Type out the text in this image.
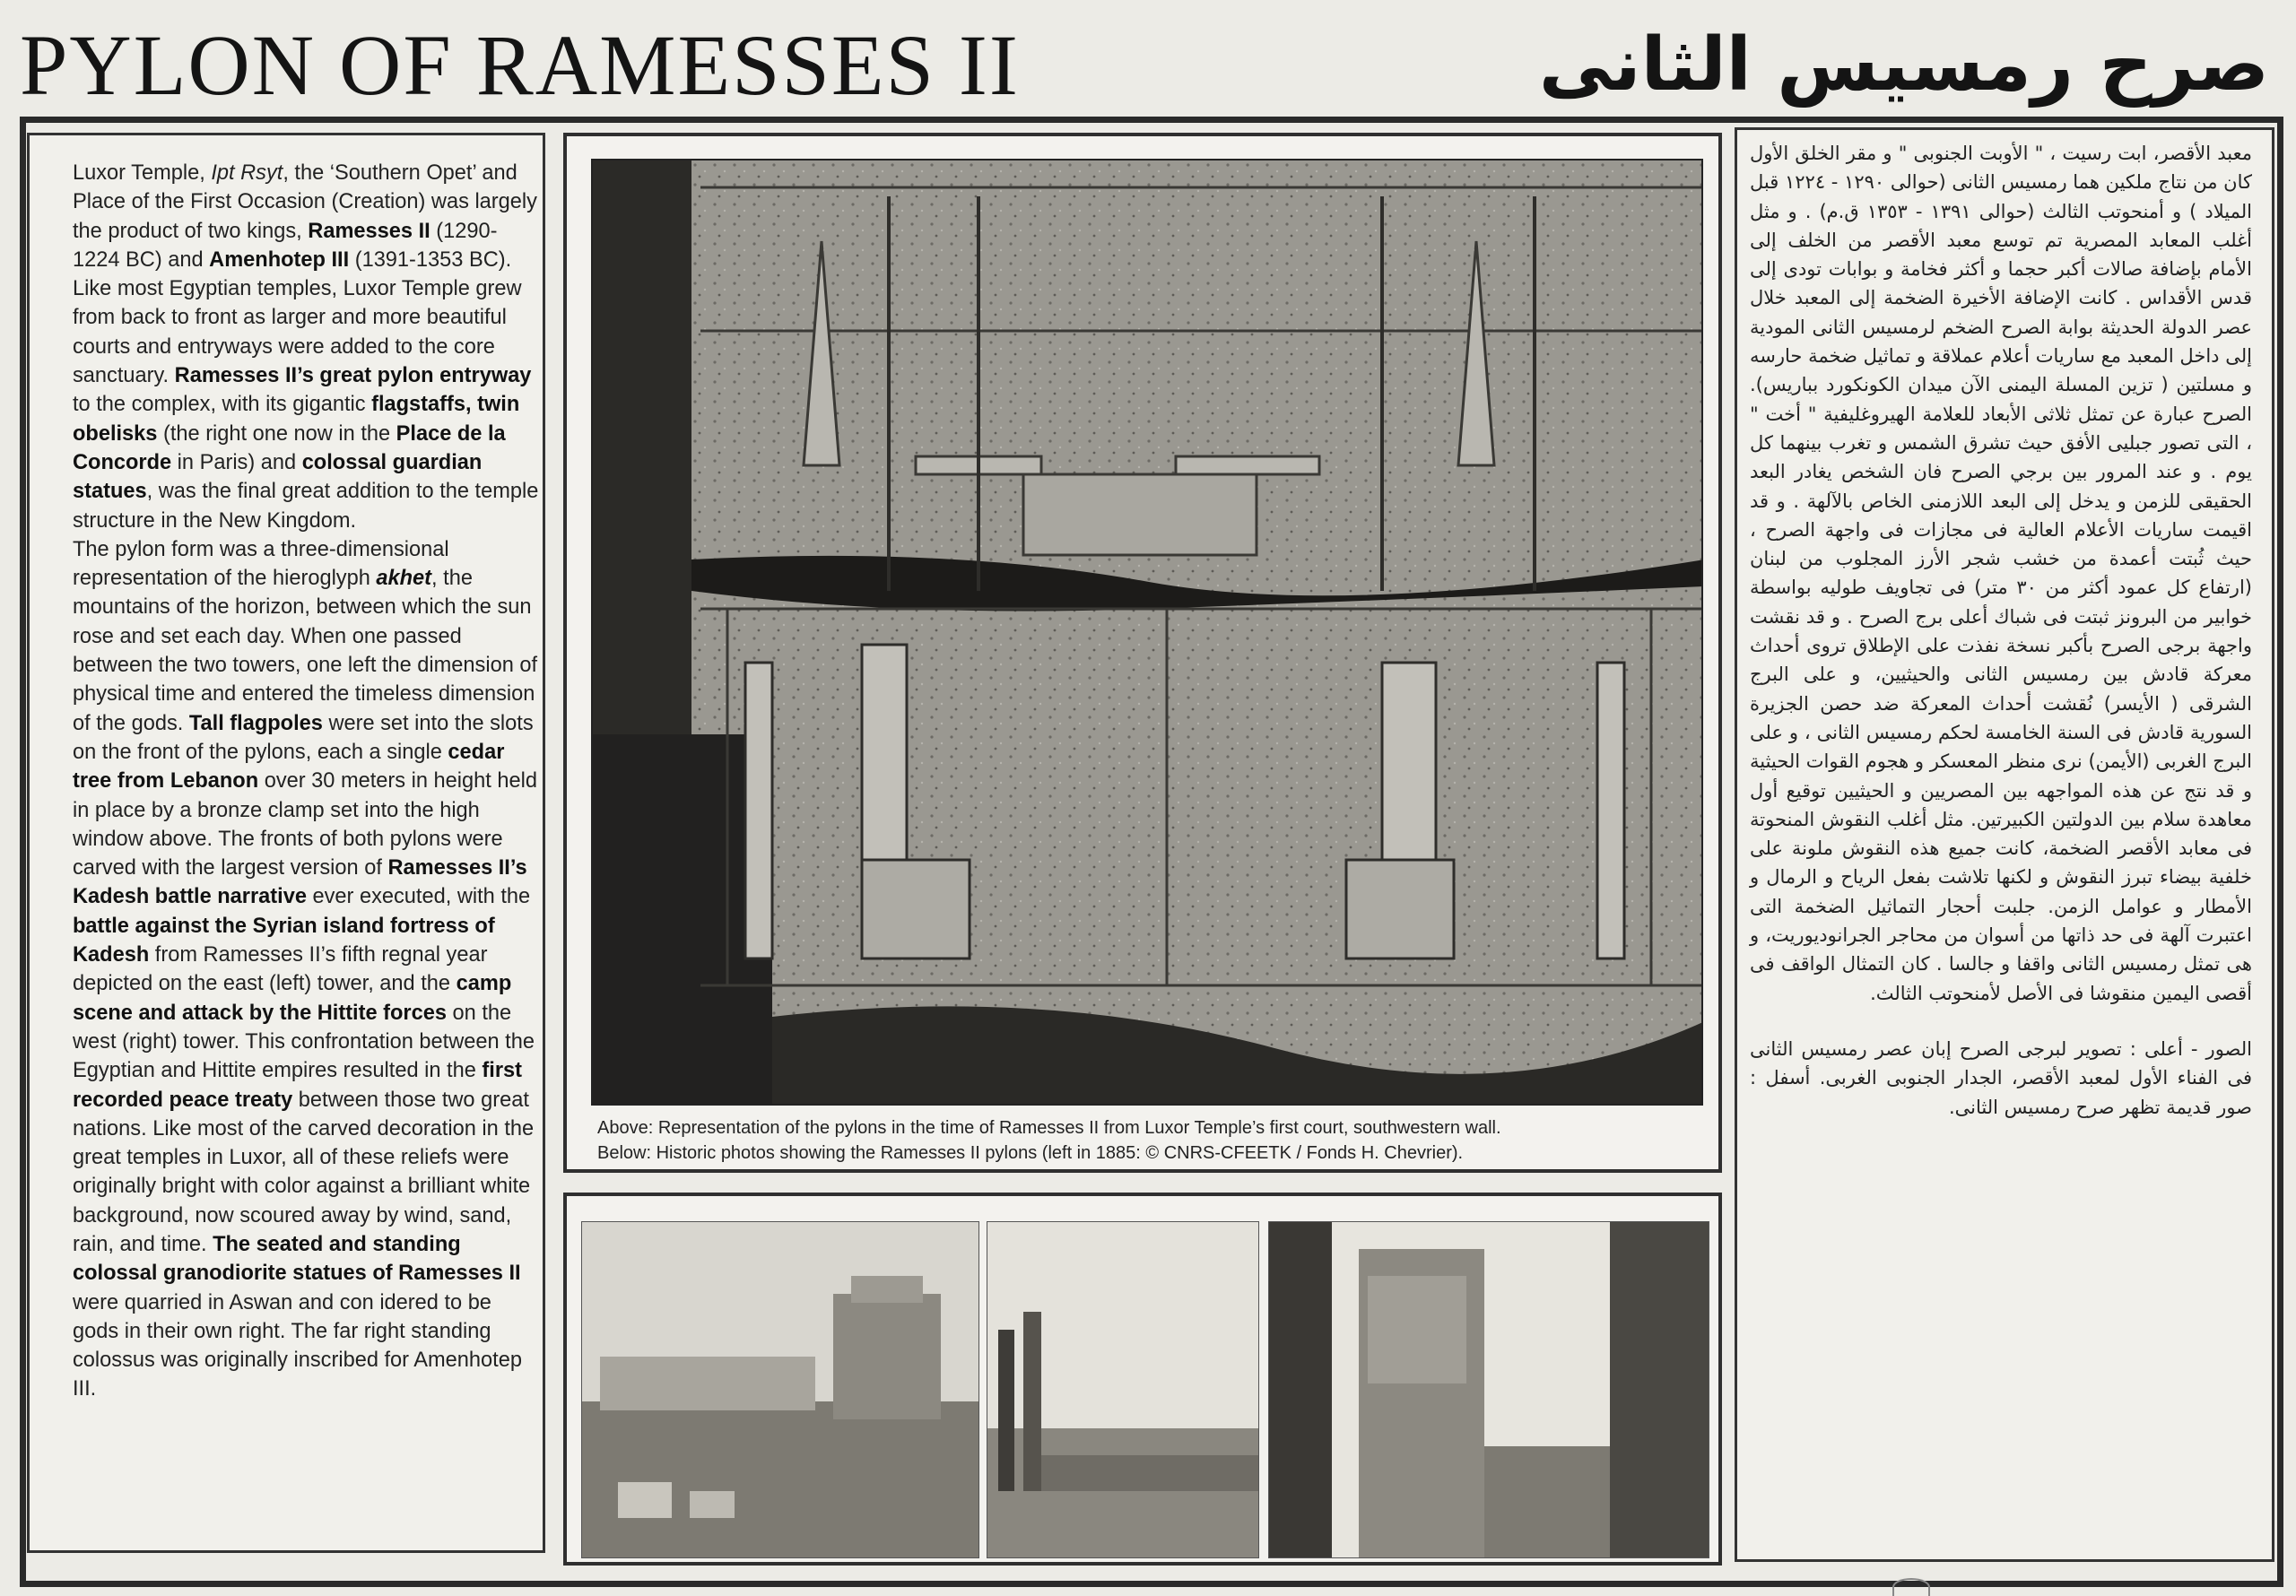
PYLON OF RAMESSES II	صرح رمسيس الثانى

Luxor Temple, Ipt Rsyt, the ‘Southern Opet’ and Place of the First Occasion (Creation) was largely the product of two kings, Ramesses II (1290-1224 BC) and Amenhotep III (1391-1353 BC). Like most Egyptian temples, Luxor Temple grew from back to front as larger and more beautiful courts and entryways were added to the core sanctuary. Ramesses II’s great pylon entryway to the complex, with its gigantic flagstaffs, twin obelisks (the right one now in the Place de la Concorde in Paris) and colossal guardian statues, was the final great addition to the temple structure in the New Kingdom.

The pylon form was a three-dimensional representation of the hieroglyph akhet, the mountains of the horizon, between which the sun rose and set each day. When one passed between the two towers, one left the dimension of physical time and entered the timeless dimension of the gods. Tall flagpoles were set into the slots on the front of the pylons, each a single cedar tree from Lebanon over 30 meters in height held in place by a bronze clamp set into the high window above. The fronts of both pylons were carved with the largest version of Ramesses II’s Kadesh battle narrative ever executed, with the battle against the Syrian island fortress of Kadesh from Ramesses II’s fifth regnal year depicted on the east (left) tower, and the camp scene and attack by the Hittite forces on the west (right) tower. This confrontation between the Egyptian and Hittite empires resulted in the first recorded peace treaty between those two great nations. Like most of the carved decoration in the great temples in Luxor, all of these reliefs were originally bright with color against a brilliant white background, now scoured away by wind, sand, rain, and time. The seated and standing colossal granodiorite statues of Ramesses II were quarried in Aswan and con idered to be gods in their own right. The far right standing colossus was originally inscribed for Amenhotep III.

Above: Representation of the pylons in the time of Ramesses II from Luxor Temple’s first court, southwestern wall.
Below: Historic photos showing the Ramesses II pylons (left in 1885: © CNRS-CFEETK / Fonds H. Chevrier).
معبد الأقصر، ابت رسيت ، " الأوبت الجنوبى " و مقر الخلق الأول كان من نتاج ملكين هما رمسيس الثانى (حوالى ١٢٩٠ - ١٢٢٤ قبل الميلاد ) و أمنحوتب الثالث (حوالى ١٣٩١ - ١٣٥٣ ق.م) . و مثل أغلب المعابد المصرية تم توسع معبد الأقصر من الخلف إلى الأمام بإضافة صالات أكبر حجما و أكثر فخامة و بوابات تودى إلى قدس الأقداس . كانت الإضافة الأخيرة الضخمة إلى المعبد خلال عصر الدولة الحديثة بوابة الصرح الضخم لرمسيس الثانى المودية إلى داخل المعبد مع ساريات أعلام عملاقة و تماثيل ضخمة حارسه و مسلتين ( تزين المسلة اليمنى الآن ميدان الكونكورد بباريس). الصرح عبارة عن تمثل ثلاثى الأبعاد للعلامة الهيروغليفية " أخت " ، التى تصور جبليى الأفق حيث تشرق الشمس و تغرب بينهما كل يوم . و عند المرور بين برجي الصرح فان الشخص يغادر البعد الحقيقى للزمن و يدخل إلى البعد اللازمنى الخاص بالآلهة . و قد اقيمت ساريات الأعلام العالية فى مجازات فى واجهة الصرح ، حيث ثُبتت أعمدة من خشب شجر الأرز المجلوب من لبنان (ارتفاع كل عمود أكثر من ٣٠ متر) فى تجاويف طوليه بواسطة خوابير من البرونز ثبتت فى شباك أعلى برج الصرح . و قد نقشت واجهة برجى الصرح بأكبر نسخة نفذت على الإطلاق تروى أحداث معركة قادش بين رمسيس الثانى والحيثيين، و على البرج الشرقى ( الأيسر) نُقشت أحداث المعركة ضد حصن الجزيرة السورية قادش فى السنة الخامسة لحكم رمسيس الثانى ، و على البرج الغربى (الأيمن) نرى منظر المعسكر و هجوم القوات الحيثية و قد نتج عن هذه المواجهه بين المصريين و الحيثيين توقيع أول معاهدة سلام بين الدولتين الكبيرتين. مثل أغلب النقوش المنحوتة فى معابد الأقصر الضخمة، كانت جميع هذه النقوش ملونة على خلفية بيضاء تبرز النقوش و لكنها تلاشت بفعل الرياح و الرمال و الأمطار و عوامل الزمن. جلبت أحجار التماثيل الضخمة التى اعتبرت آلهة فى حد ذاتها من أسوان من محاجر الجرانوديوريت، و هى تمثل رمسيس الثانى واقفا و جالسا . كان التمثال الواقف فى أقصى اليمين منقوشا فى الأصل لأمنحوتب الثالث.
الصور - أعلى : تصوير لبرجى الصرح إبان عصر رمسيس الثانى فى الفناء الأول لمعبد الأقصر، الجدار الجنوبى الغربى. أسفل : صور قديمة تظهر صرح رمسيس الثانى.
